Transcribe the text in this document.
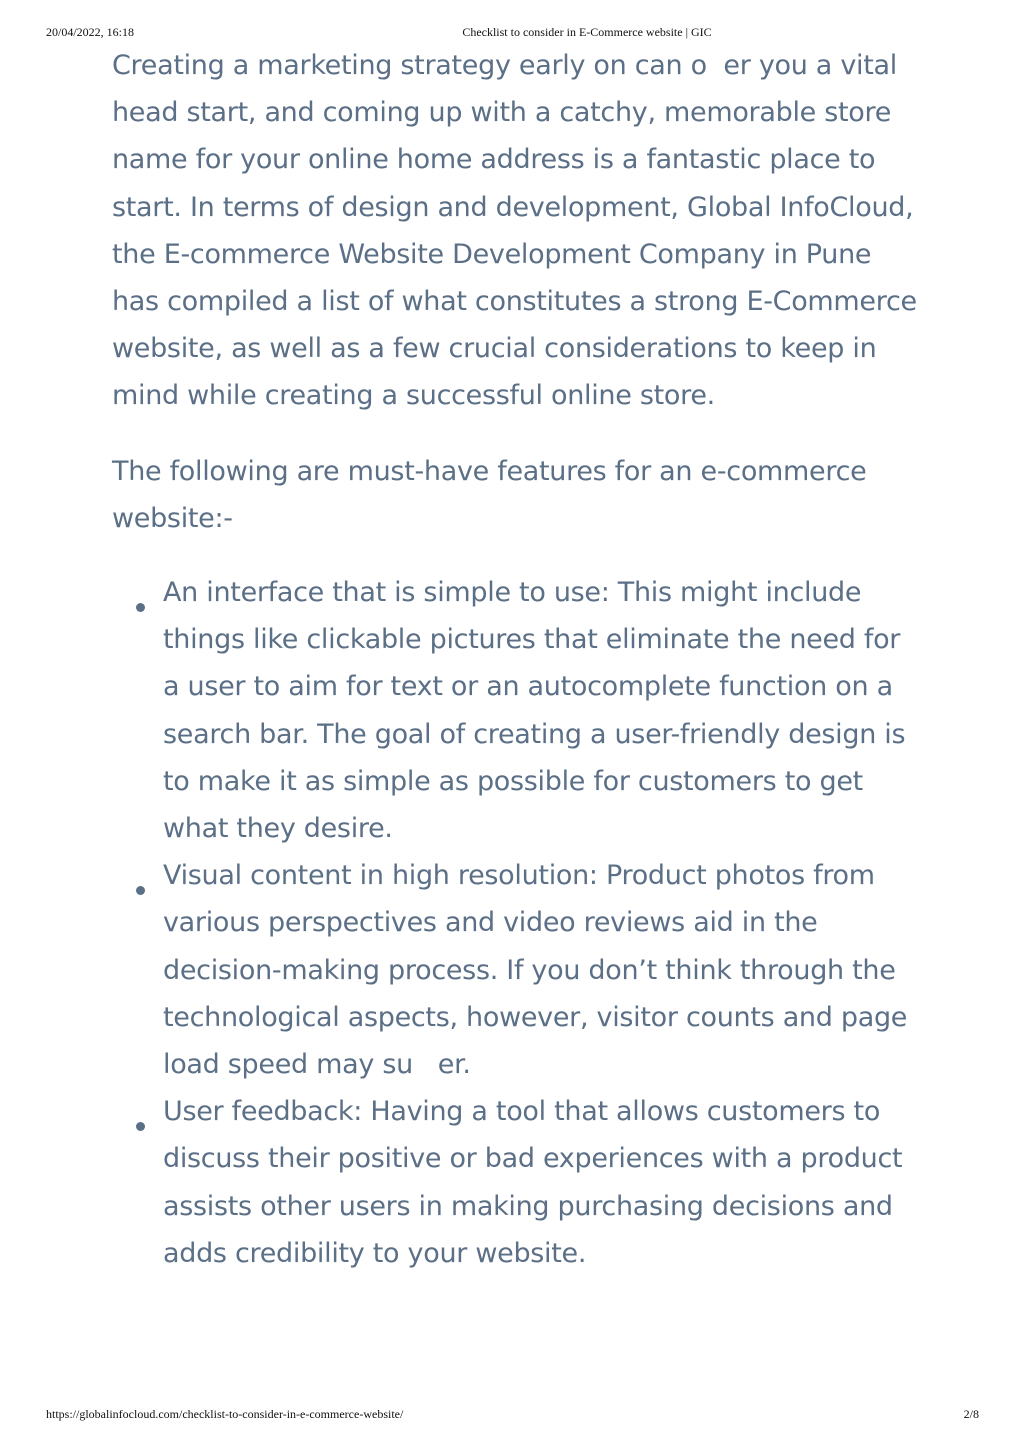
20/04/2022, 16:18	Checklist to consider in E-Commerce website | GIC

Creating a marketing strategy early on can o  er you a vital head start, and coming up with a catchy, memorable store name for your online home address is a fantastic place to start. In terms of design and development, Global InfoCloud, the E-commerce Website Development Company in Pune has compiled a list of what constitutes a strong E-Commerce website, as well as a few crucial considerations to keep in mind while creating a successful online store.

The following are must-have features for an e-commerce website:-

An interface that is simple to use: This might include things like clickable pictures that eliminate the need for a user to aim for text or an autocomplete function on a search bar. The goal of creating a user-friendly design is to make it as simple as possible for customers to get what they desire.
Visual content in high resolution: Product photos from various perspectives and video reviews aid in the decision-making process. If you don’t think through the technological aspects, however, visitor counts and page load speed may su   er.
User feedback: Having a tool that allows customers to discuss their positive or bad experiences with a product assists other users in making purchasing decisions and adds credibility to your website.
https://globalinfocloud.com/checklist-to-consider-in-e-commerce-website/	2/8
